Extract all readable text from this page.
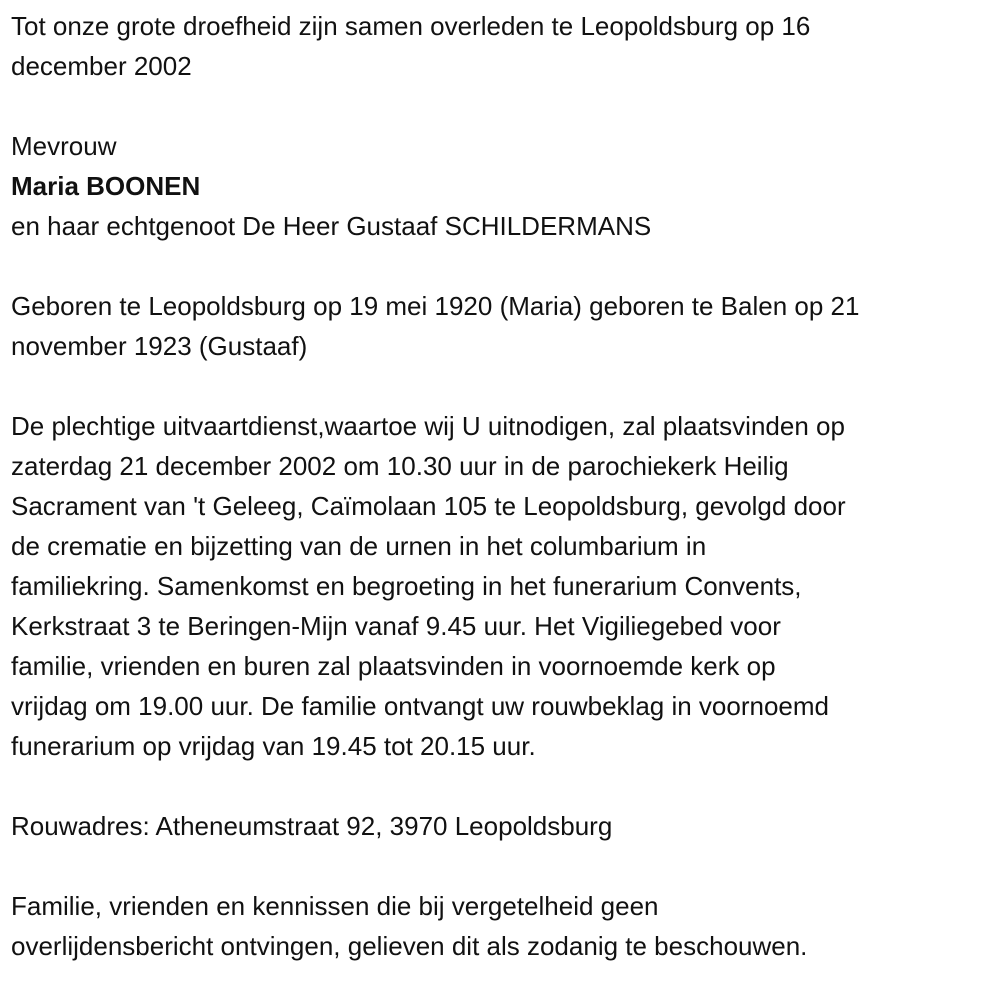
Tot onze grote droefheid zijn samen overleden te Leopoldsburg op 16
december 2002
Mevrouw
Maria BOONEN
en haar echtgenoot De Heer Gustaaf SCHILDERMANS
Geboren te Leopoldsburg op 19 mei 1920 (Maria) geboren te Balen op 21
november 1923 (Gustaaf)
De plechtige uitvaartdienst,waartoe wij U uitnodigen, zal plaatsvinden op
zaterdag 21 december 2002 om 10.30 uur in de parochiekerk Heilig
Sacrament van 't Geleeg, Caïmolaan 105 te Leopoldsburg, gevolgd door
de crematie en bijzetting van de urnen in het columbarium in
familiekring. Samenkomst en begroeting in het funerarium Convents,
Kerkstraat 3 te Beringen-Mijn vanaf 9.45 uur. Het Vigiliegebed voor
familie, vrienden en buren zal plaatsvinden in voornoemde kerk op
vrijdag om 19.00 uur. De familie ontvangt uw rouwbeklag in voornoemd
funerarium op vrijdag van 19.45 tot 20.15 uur.
Rouwadres: Atheneumstraat 92, 3970 Leopoldsburg
Familie, vrienden en kennissen die bij vergetelheid geen
overlijdensbericht ontvingen, gelieven dit als zodanig te beschouwen.
